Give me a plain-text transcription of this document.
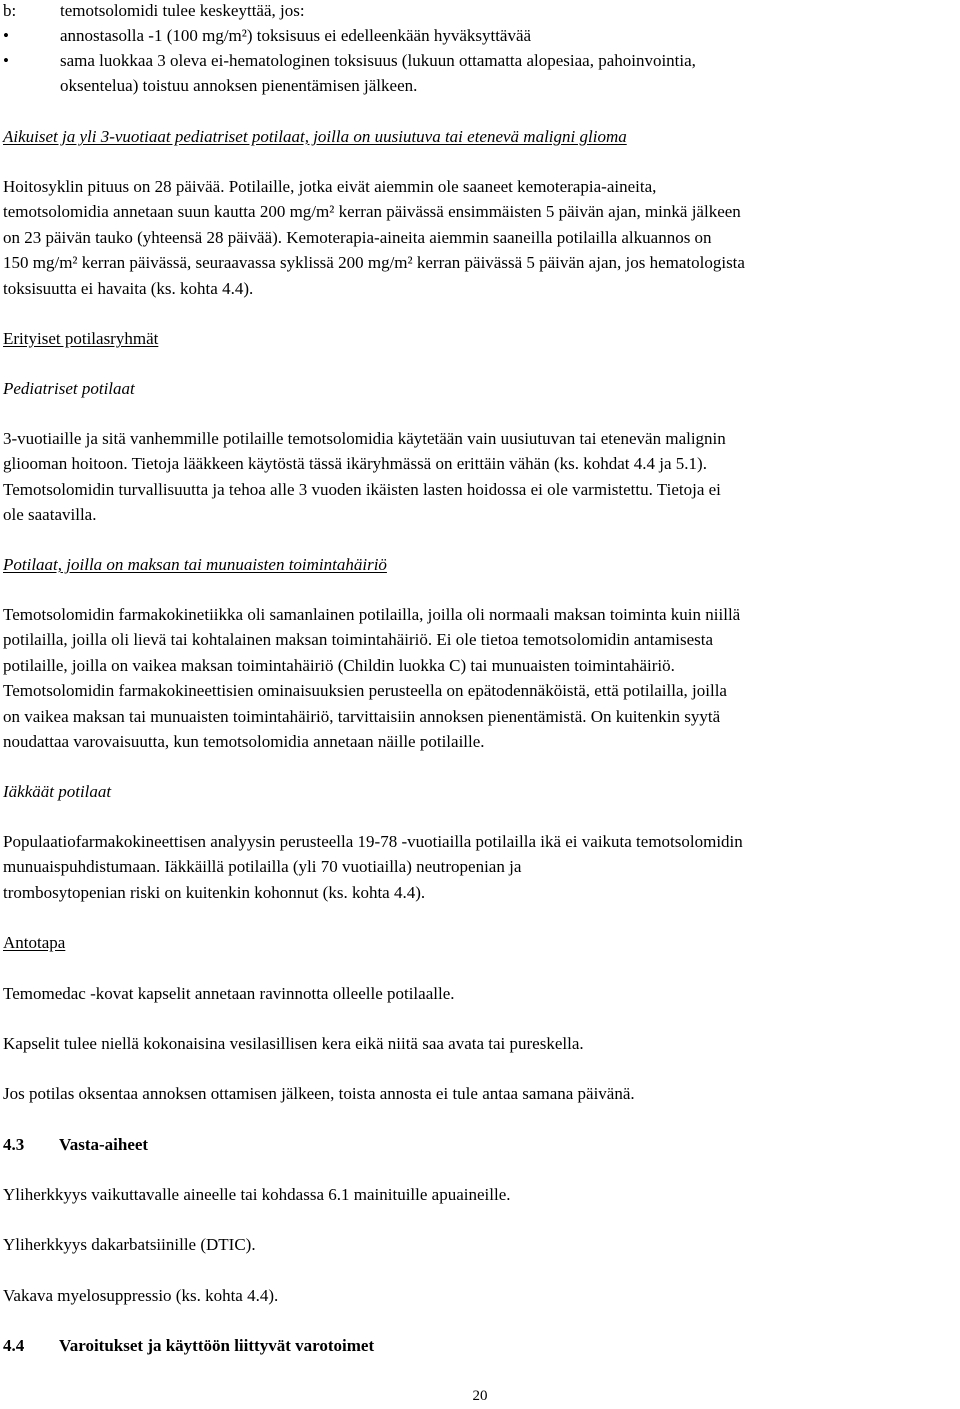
b:	temotsolomidi tulee keskeyttää, jos:
•	annostasolla -1 (100 mg/m²) toksisuus ei edelleenkään hyväksyttävää
•	sama luokkaa 3 oleva ei-hematologinen toksisuus (lukuun ottamatta alopesiaa, pahoinvointia,
oksentelua) toistuu annoksen pienentämisen jälkeen.
Aikuiset ja yli 3-vuotiaat pediatriset potilaat, joilla on uusiutuva tai etenevä maligni glioma
Hoitosyklin pituus on 28 päivää. Potilaille, jotka eivät aiemmin ole saaneet kemoterapia-aineita,
temotsolomidia annetaan suun kautta 200 mg/m² kerran päivässä ensimmäisten 5 päivän ajan, minkä jälkeen
on 23 päivän tauko (yhteensä 28 päivää). Kemoterapia-aineita aiemmin saaneilla potilailla alkuannos on
150 mg/m² kerran päivässä, seuraavassa syklissä 200 mg/m² kerran päivässä 5 päivän ajan, jos hematologista
toksisuutta ei havaita (ks. kohta 4.4).
Erityiset potilasryhmät
Pediatriset potilaat
3-vuotiaille ja sitä vanhemmille potilaille temotsolomidia käytetään vain uusiutuvan tai etenevän malignin
gliooman hoitoon. Tietoja lääkkeen käytöstä tässä ikäryhmässä on erittäin vähän (ks. kohdat 4.4 ja 5.1).
Temotsolomidin turvallisuutta ja tehoa alle 3 vuoden ikäisten lasten hoidossa ei ole varmistettu. Tietoja ei
ole saatavilla.
Potilaat, joilla on maksan tai munuaisten toimintahäiriö
Temotsolomidin farmakokinetiikka oli samanlainen potilailla, joilla oli normaali maksan toiminta kuin niillä
potilailla, joilla oli lievä tai kohtalainen maksan toimintahäiriö. Ei ole tietoa temotsolomidin antamisesta
potilaille, joilla on vaikea maksan toimintahäiriö (Childin luokka C) tai munuaisten toimintahäiriö.
Temotsolomidin farmakokineettisien ominaisuuksien perusteella on epätodennäköistä, että potilailla, joilla
on vaikea maksan tai munuaisten toimintahäiriö, tarvittaisiin annoksen pienentämistä. On kuitenkin syytä
noudattaa varovaisuutta, kun temotsolomidia annetaan näille potilaille.
Iäkkäät potilaat
Populaatiofarmakokineettisen analyysin perusteella 19-78 -vuotiailla potilailla ikä ei vaikuta temotsolomidin
munuaispuhdistumaan. Iäkkäillä potilailla (yli 70 vuotiailla) neutropenian ja
trombosytopenian riski on kuitenkin kohonnut (ks. kohta 4.4).
Antotapa
Temomedac -kovat kapselit annetaan ravinnotta olleelle potilaalle.
Kapselit tulee niellä kokonaisina vesilasillisen kera eikä niitä saa avata tai pureskella.
Jos potilas oksentaa annoksen ottamisen jälkeen, toista annosta ei tule antaa samana päivänä.
4.3 Vasta-aiheet
Yliherkkyys vaikuttavalle aineelle tai kohdassa 6.1 mainituille apuaineille.
Yliherkkyys dakarbatsiinille (DTIC).
Vakava myelosuppressio (ks. kohta 4.4).
4.4 Varoitukset ja käyttöön liittyvät varotoimet
20
